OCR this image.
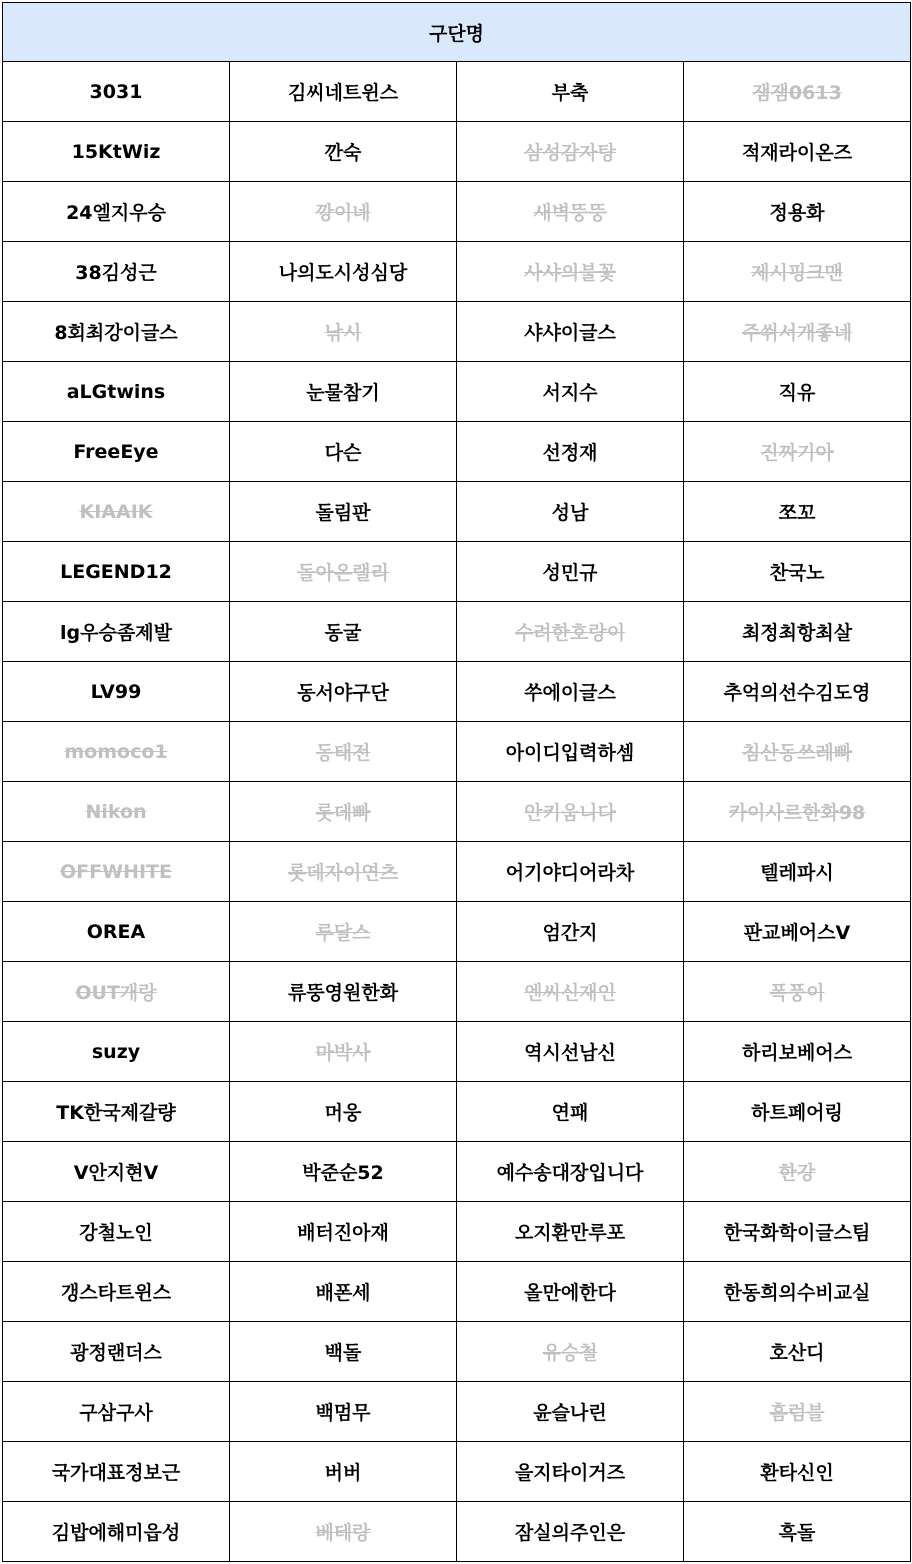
구단명			
3031	김씨네트윈스	부축	잼잼0613
15KtWiz	깐숙	삼성감자탕	적재라이온즈
24엘지우승	깡이네	새벽뚱뚱	정용화
38김성근	나의도시성심당	사샤의불꽃	제시핑크맨
8회최강이글스	낚시	샤샤이글스	주쒸서개좋네
aLGtwins	눈물참기	서지수	직유
FreeEye	다슨	선정재	진짜기아
KIAAIK	돌림판	성남	쪼꼬
LEGEND12	돌아온랠리	성민규	찬국노
lg우승좀제발	동굴	수려한호랑이	최정최항최살
LV99	동서야구단	쑤에이글스	추억의선수김도영
momoco1	동태전	아이디입력하셈	침산동쓰레빠
Nikon	롯데빠	안키움니다	카이사르한화98
OFFWHITE	롯데자이연츠	어기야디어라차	텔레파시
OREA	루달스	엄간지	판교베어스V
OUT개랑	류뚱영원한화	엔씨신재인	폭풍이
suzy	마박사	역시선남신	하리보베어스
TK한국제갈량	머웅	연패	하트페어링
V안지현V	박준순52	예수송대장입니다	한강
강철노인	배터진아재	오지환만루포	한국화학이글스팀
갱스타트윈스	배폰세	올만에한다	한동희의수비교실
광정랜더스	백돌	유승철	호산디
구삼구사	백멈무	윤슬나린	흠럼블
국가대표정보근	버버	을지타이거즈	환타신인
김밥에해미읍성	베테랑	잠실의주인은	흑돌
